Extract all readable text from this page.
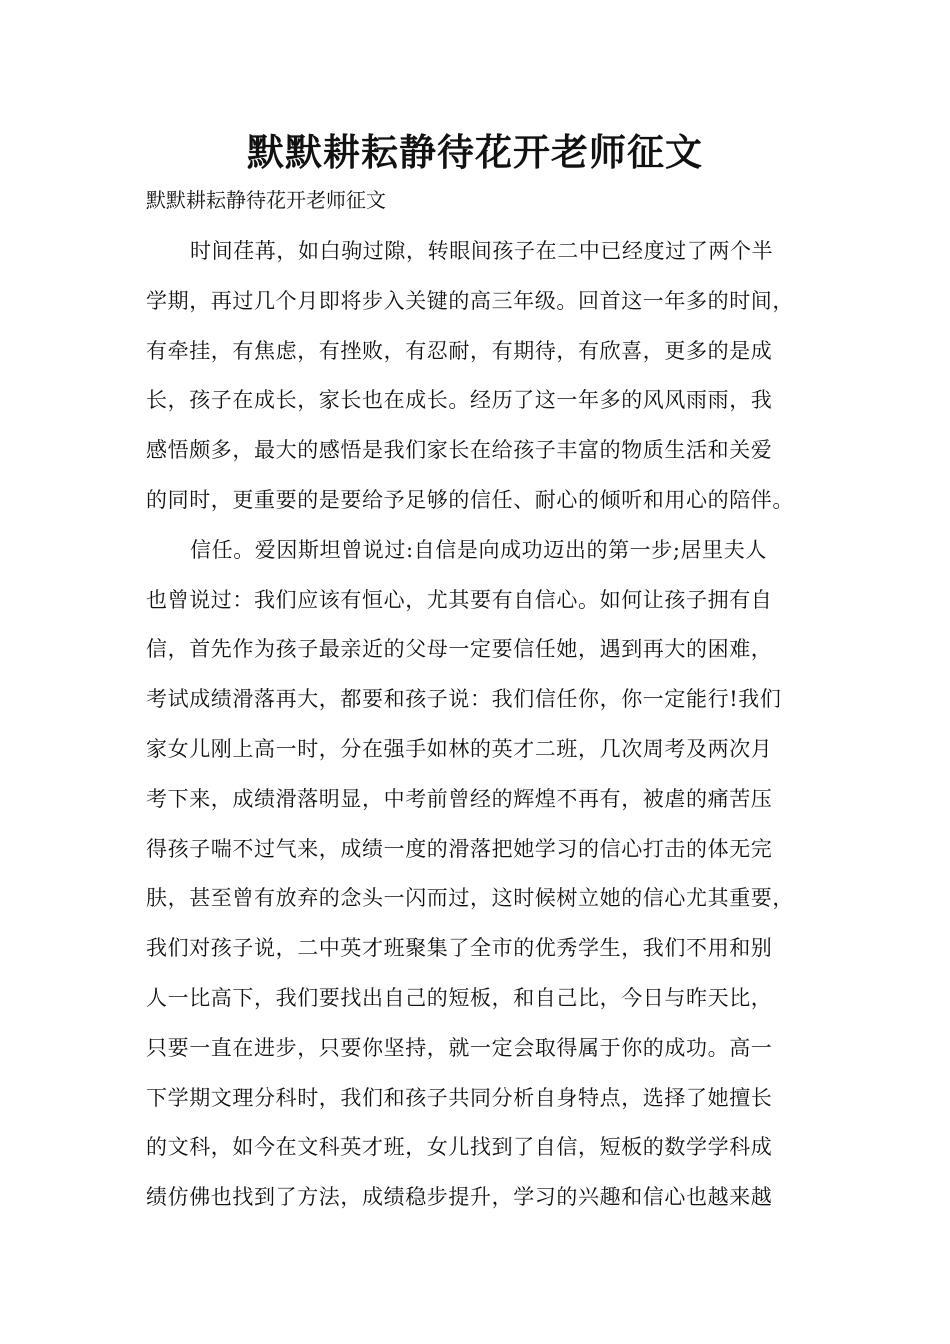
默默耕耘静待花开老师征文

默默耕耘静待花开老师征文

时间荏苒，如白驹过隙，转眼间孩子在二中已经度过了两个半
学期，再过几个月即将步入关键的高三年级。回首这一年多的时间，
有牵挂，有焦虑，有挫败，有忍耐，有期待，有欣喜，更多的是成
长，孩子在成长，家长也在成长。经历了这一年多的风风雨雨，我
感悟颇多，最大的感悟是我们家长在给孩子丰富的物质生活和关爱
的同时，更重要的是要给予足够的信任、耐心的倾听和用心的陪伴。
信任。爱因斯坦曾说过:自信是向成功迈出的第一步;居里夫人
也曾说过：我们应该有恒心，尤其要有自信心。如何让孩子拥有自
信，首先作为孩子最亲近的父母一定要信任她，遇到再大的困难，
考试成绩滑落再大，都要和孩子说：我们信任你，你一定能行!我们
家女儿刚上高一时，分在强手如林的英才二班，几次周考及两次月
考下来，成绩滑落明显，中考前曾经的辉煌不再有，被虐的痛苦压
得孩子喘不过气来，成绩一度的滑落把她学习的信心打击的体无完
肤，甚至曾有放弃的念头一闪而过，这时候树立她的信心尤其重要，
我们对孩子说，二中英才班聚集了全市的优秀学生，我们不用和别
人一比高下，我们要找出自己的短板，和自己比，今日与昨天比，
只要一直在进步，只要你坚持，就一定会取得属于你的成功。高一
下学期文理分科时，我们和孩子共同分析自身特点，选择了她擅长
的文科，如今在文科英才班，女儿找到了自信，短板的数学学科成
绩仿佛也找到了方法，成绩稳步提升，学习的兴趣和信心也越来越
